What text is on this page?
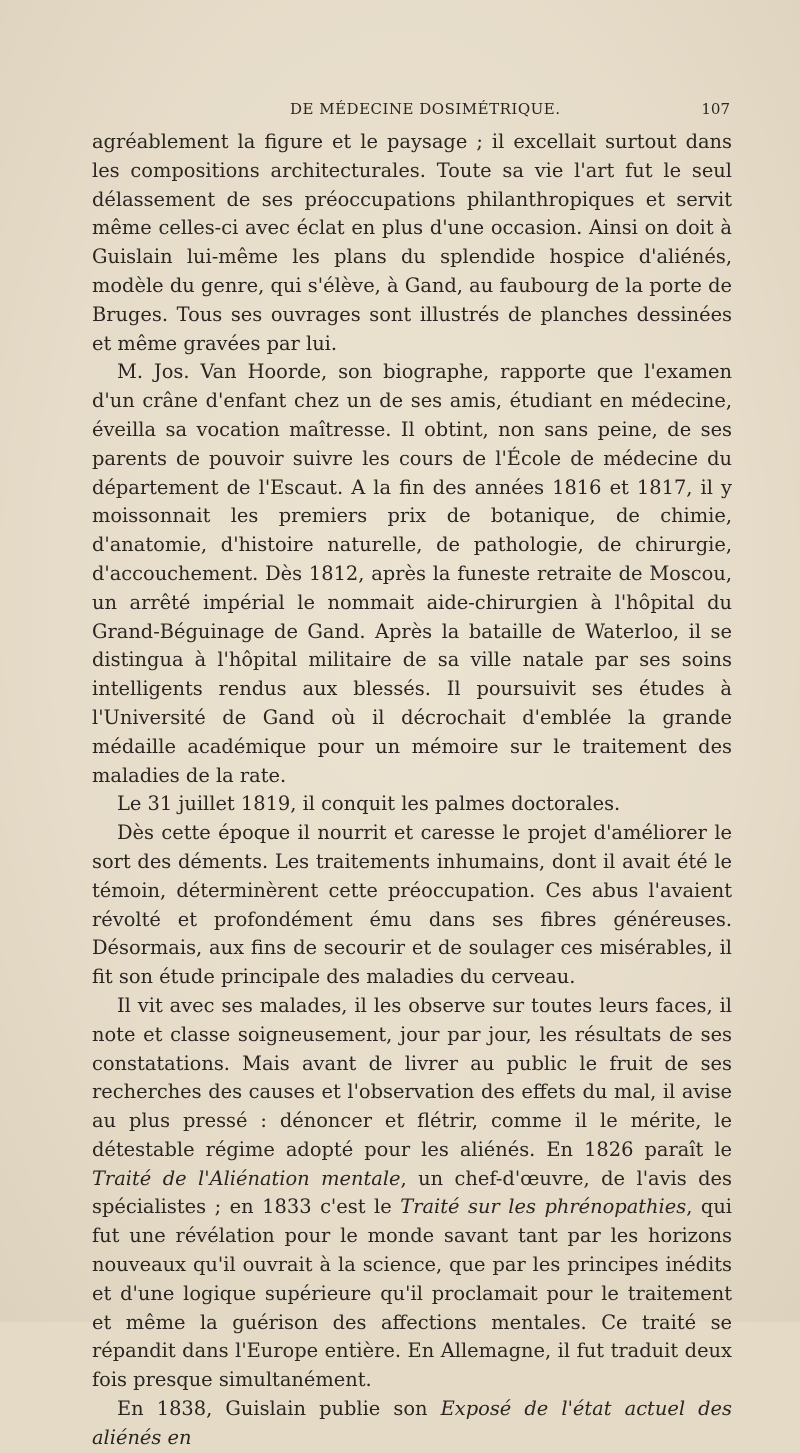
DE MÉDECINE DOSIMÉTRIQUE.	107

agréablement la figure et le paysage ; il excellait surtout dans les compositions architecturales. Toute sa vie l'art fut le seul délassement de ses préoccupations philanthropiques et servit même celles-ci avec éclat en plus d'une occasion. Ainsi on doit à Guislain lui-même les plans du splendide hospice d'aliénés, modèle du genre, qui s'élève, à Gand, au faubourg de la porte de Bruges. Tous ses ouvrages sont illustrés de planches dessinées et même gravées par lui.

M. Jos. Van Hoorde, son biographe, rapporte que l'examen d'un crâne d'enfant chez un de ses amis, étudiant en médecine, éveilla sa vocation maîtresse. Il obtint, non sans peine, de ses parents de pouvoir suivre les cours de l'École de médecine du département de l'Escaut. A la fin des années 1816 et 1817, il y moissonnait les premiers prix de botanique, de chimie, d'anatomie, d'histoire naturelle, de pathologie, de chirurgie, d'accouchement. Dès 1812, après la funeste retraite de Moscou, un arrêté impérial le nommait aide-chirurgien à l'hôpital du Grand-Béguinage de Gand. Après la bataille de Waterloo, il se distingua à l'hôpital militaire de sa ville natale par ses soins intelligents rendus aux blessés. Il poursuivit ses études à l'Université de Gand où il décrochait d'emblée la grande médaille académique pour un mémoire sur le traitement des maladies de la rate.

Le 31 juillet 1819, il conquit les palmes doctorales.

Dès cette époque il nourrit et caresse le projet d'améliorer le sort des déments. Les traitements inhumains, dont il avait été le témoin, déterminèrent cette préoccupation. Ces abus l'avaient révolté et profondément ému dans ses fibres généreuses. Désormais, aux fins de secourir et de soulager ces misérables, il fit son étude principale des maladies du cerveau.

Il vit avec ses malades, il les observe sur toutes leurs faces, il note et classe soigneusement, jour par jour, les résultats de ses constatations. Mais avant de livrer au public le fruit de ses recherches des causes et l'observation des effets du mal, il avise au plus pressé : dénoncer et flétrir, comme il le mérite, le détestable régime adopté pour les aliénés. En 1826 paraît le Traité de l'Aliénation mentale, un chef-d'œuvre, de l'avis des spécialistes ; en 1833 c'est le Traité sur les phrénopathies, qui fut une révélation pour le monde savant tant par les horizons nouveaux qu'il ouvrait à la science, que par les principes inédits et d'une logique supérieure qu'il proclamait pour le traitement et même la guérison des affections mentales. Ce traité se répandit dans l'Europe entière. En Allemagne, il fut traduit deux fois presque simultanément.

En 1838, Guislain publie son Exposé de l'état actuel des aliénés en
